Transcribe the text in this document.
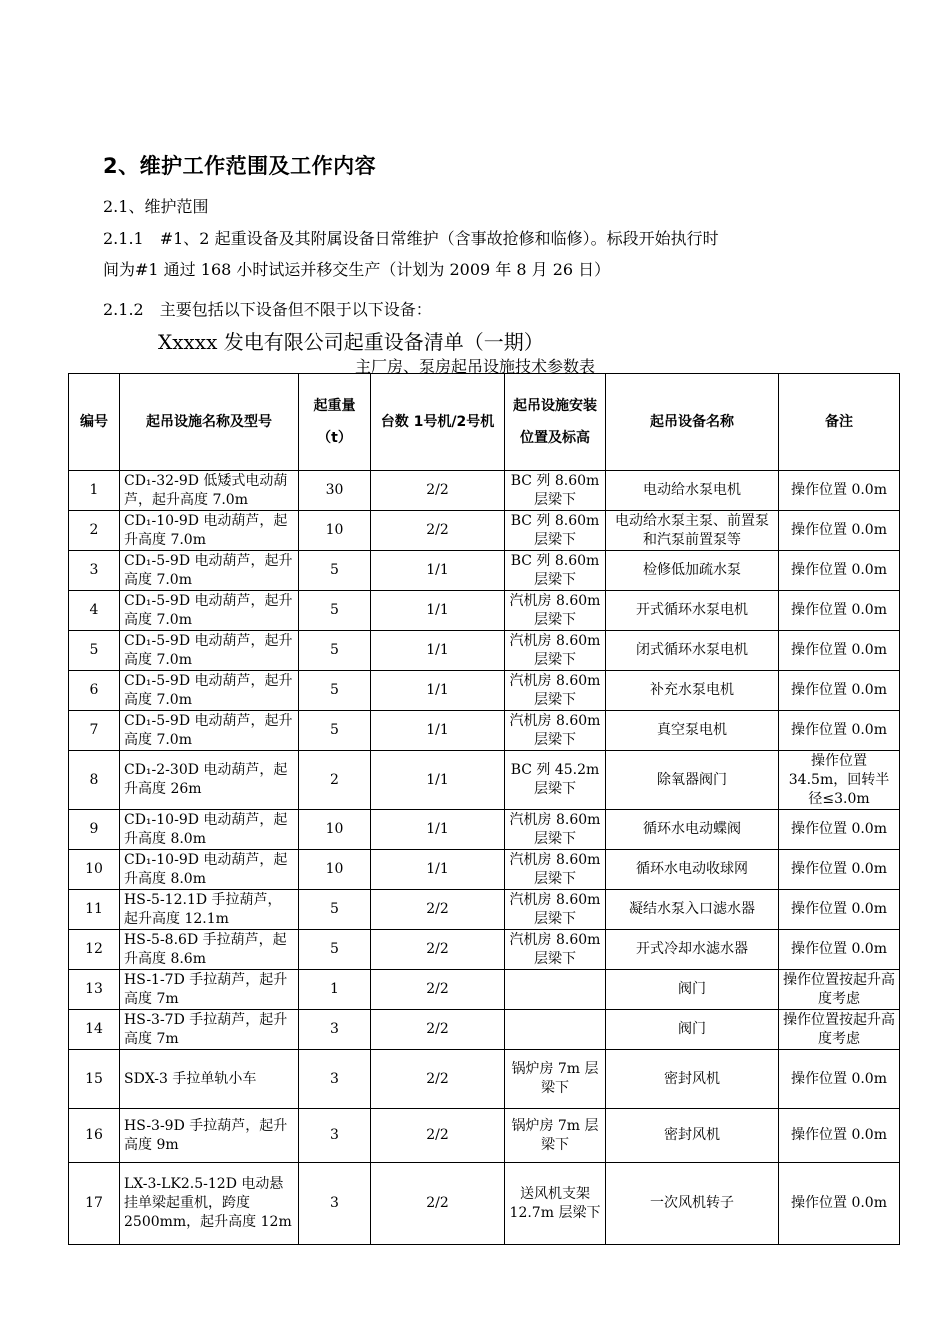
2、维护工作范围及工作内容
2.1、维护范围
2.1.1　#1、2 起重设备及其附属设备日常维护（含事故抢修和临修）。标段开始执行时
间为#1 通过 168 小时试运并移交生产（计划为 2009 年 8 月 26 日）
2.1.2　主要包括以下设备但不限于以下设备：
Xxxxx 发电有限公司起重设备清单（一期）
主厂房、泵房起吊设施技术参数表
编号	起吊设施名称及型号	起重量（t）	台数 1号机/2号机	起吊设施安装位置及标高	起吊设备名称	备注
1	CD₁-32-9D 低矮式电动葫芦，起升高度 7.0m	30	2/2	BC 列 8.60m 层梁下	电动给水泵电机	操作位置 0.0m
2	CD₁-10-9D 电动葫芦，起升高度 7.0m	10	2/2	BC 列 8.60m 层梁下	电动给水泵主泵、前置泵和汽泵前置泵等	操作位置 0.0m
3	CD₁-5-9D 电动葫芦，起升高度 7.0m	5	1/1	BC 列 8.60m 层梁下	检修低加疏水泵	操作位置 0.0m
4	CD₁-5-9D 电动葫芦，起升高度 7.0m	5	1/1	汽机房 8.60m 层梁下	开式循环水泵电机	操作位置 0.0m
5	CD₁-5-9D 电动葫芦，起升高度 7.0m	5	1/1	汽机房 8.60m 层梁下	闭式循环水泵电机	操作位置 0.0m
6	CD₁-5-9D 电动葫芦，起升高度 7.0m	5	1/1	汽机房 8.60m 层梁下	补充水泵电机	操作位置 0.0m
7	CD₁-5-9D 电动葫芦，起升高度 7.0m	5	1/1	汽机房 8.60m 层梁下	真空泵电机	操作位置 0.0m
8	CD₁-2-30D 电动葫芦，起升高度 26m	2	1/1	BC 列 45.2m 层梁下	除氧器阀门	操作位置 34.5m，回转半径≤3.0m
9	CD₁-10-9D 电动葫芦，起升高度 8.0m	10	1/1	汽机房 8.60m 层梁下	循环水电动蝶阀	操作位置 0.0m
10	CD₁-10-9D 电动葫芦，起升高度 8.0m	10	1/1	汽机房 8.60m 层梁下	循环水电动收球网	操作位置 0.0m
11	HS-5-12.1D 手拉葫芦，起升高度 12.1m	5	2/2	汽机房 8.60m 层梁下	凝结水泵入口滤水器	操作位置 0.0m
12	HS-5-8.6D 手拉葫芦，起升高度 8.6m	5	2/2	汽机房 8.60m 层梁下	开式冷却水滤水器	操作位置 0.0m
13	HS-1-7D 手拉葫芦，起升高度 7m	1	2/2		阀门	操作位置按起升高度考虑
14	HS-3-7D 手拉葫芦，起升高度 7m	3	2/2		阀门	操作位置按起升高度考虑
15	SDX-3 手拉单轨小车	3	2/2	锅炉房 7m 层梁下	密封风机	操作位置 0.0m
16	HS-3-9D 手拉葫芦，起升高度 9m	3	2/2	锅炉房 7m 层梁下	密封风机	操作位置 0.0m
17	LX-3-LK2.5-12D 电动悬挂单梁起重机，跨度 2500mm，起升高度 12m	3	2/2	送风机支架 12.7m 层梁下	一次风机转子	操作位置 0.0m
